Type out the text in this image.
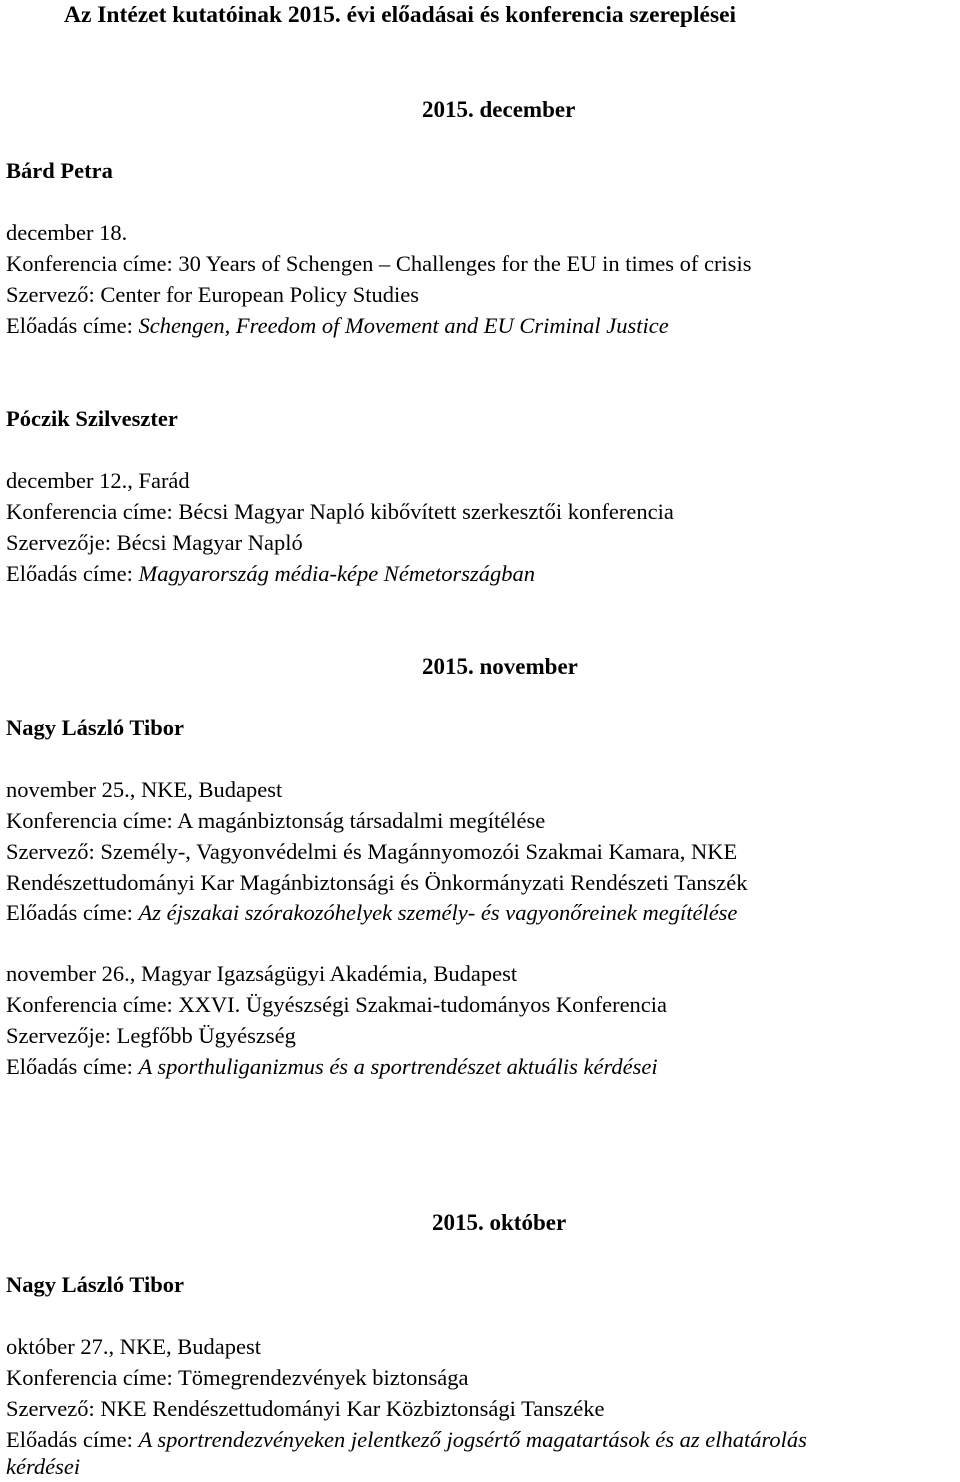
Az Intézet kutatóinak 2015. évi előadásai és konferencia szereplései
2015. december
Bárd Petra
december 18.
Konferencia címe: 30 Years of Schengen – Challenges for the EU in times of crisis
Szervező: Center for European Policy Studies
Előadás címe: Schengen, Freedom of Movement and EU Criminal Justice
Póczik Szilveszter
december 12., Farád
Konferencia címe: Bécsi Magyar Napló kibővített szerkesztői konferencia
Szervezője: Bécsi Magyar Napló
Előadás címe: Magyarország média-képe Németországban
2015. november
Nagy László Tibor
november 25., NKE, Budapest
Konferencia címe: A magánbiztonság társadalmi megítélése
Szervező: Személy-, Vagyonvédelmi és Magánnyomozói Szakmai Kamara, NKE
Rendészettudományi Kar Magánbiztonsági és Önkormányzati Rendészeti Tanszék
Előadás címe: Az éjszakai szórakozóhelyek személy- és vagyonőreinek megítélése
november 26., Magyar Igazságügyi Akadémia, Budapest
Konferencia címe: XXVI. Ügyészségi Szakmai-tudományos Konferencia
Szervezője: Legfőbb Ügyészség
Előadás címe: A sporthuliganizmus és a sportrendészet aktuális kérdései
2015. október
Nagy László Tibor
október 27., NKE, Budapest
Konferencia címe: Tömegrendezvények biztonsága
Szervező: NKE Rendészettudományi Kar Közbiztonsági Tanszéke
Előadás címe: A sportrendezvényeken jelentkező jogsértő magatartások és az elhatárolás
kérdései
